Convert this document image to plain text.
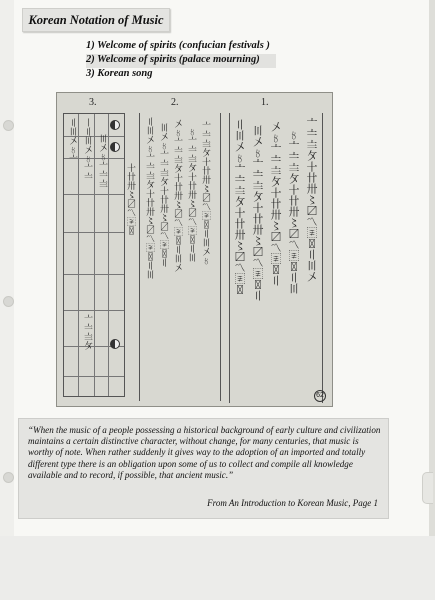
Korean Notation of Music
1) Welcome of spirits (confucian festivals )
2) Welcome of spirits (palace mourning)
3) Korean song
3.	2.	1.
〢〣〤〥〦 〡〢〣〤〥〦〧 〣〤〥〦〧〨
〦〧〨〩
〸〹〺〻〼〽〾〿 〢〣〤〥〦〧〨〩〸〹〺〻〼〽〾〿〢〣 〣〤〥〦〧〨〩〸〹〺〻〼〽〾〿〢 〤〥〦〧〨〩〸〹〺〻〼〽〾〿〢〣〤 〥〦〧〨〩〸〹〺〻〼〽〾〿〢〣 〦〧〨〩〸〹〺〻〼〽〾〿〢〣〤〥 〢〣〤〥〦〧〨〩〸〹〺〻〼〽〾〿 〣〤〥〦〧〨〩〸〹〺〻〼〽〾〿〢 〤〥〦〧〨〩〸〹〺〻〼〽〾〿〢 〥〦〧〨〩〸〹〺〻〼〽〾〿〢〣 〦〧〨〩〸〹〺〻〼〽〾〿〢〣〤
62
“When the music of a people possessing a historical background of early culture and civilization maintains a certain distinctive character, without change, for many centuries, that music is worthy of note. When rather suddenly it gives way to the adoption of an imported and totally different type there is an obligation upon some of us to collect and compile all knowledge available and to record, if possible, that ancient music.”
From An Introduction to Korean Music, Page 1
